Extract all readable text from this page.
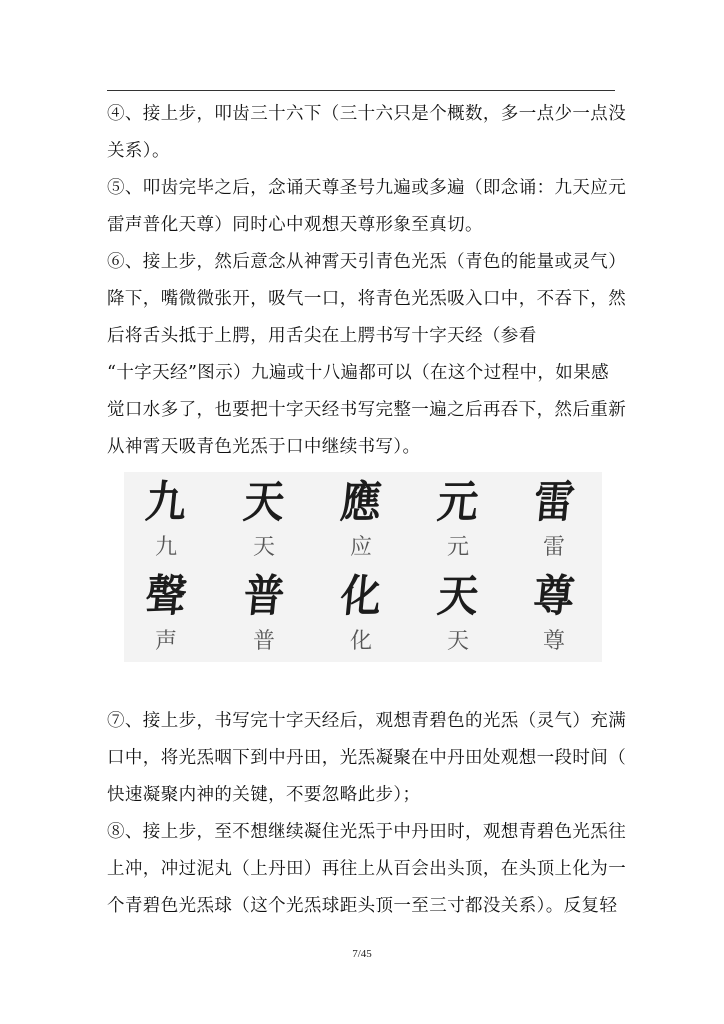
④、接上步，叩齿三十六下（三十六只是个概数，多一点少一点没
关系）。
⑤、叩齿完毕之后，念诵天尊圣号九遍或多遍（即念诵：九天应元
雷声普化天尊）同时心中观想天尊形象至真切。
⑥、接上步，然后意念从神霄天引青色光炁（青色的能量或灵气）
降下，嘴微微张开，吸气一口，将青色光炁吸入口中，不吞下，然
后将舌头抵于上腭，用舌尖在上腭书写十字天经（参看
“十字天经”图示）九遍或十八遍都可以（在这个过程中，如果感
觉口水多了，也要把十字天经书写完整一遍之后再吞下，然后重新
从神霄天吸青色光炁于口中继续书写）。
九
九
天
天
應
应
元
元
雷
雷
聲
声
普
普
化
化
天
天
尊
尊
⑦、接上步，书写完十字天经后，观想青碧色的光炁（灵气）充满
口中，将光炁咽下到中丹田，光炁凝聚在中丹田处观想一段时间（
快速凝聚内神的关键，不要忽略此步）；
⑧、接上步，至不想继续凝住光炁于中丹田时，观想青碧色光炁往
上冲，冲过泥丸（上丹田）再往上从百会出头顶，在头顶上化为一
个青碧色光炁球（这个光炁球距头顶一至三寸都没关系）。反复轻
7/45
